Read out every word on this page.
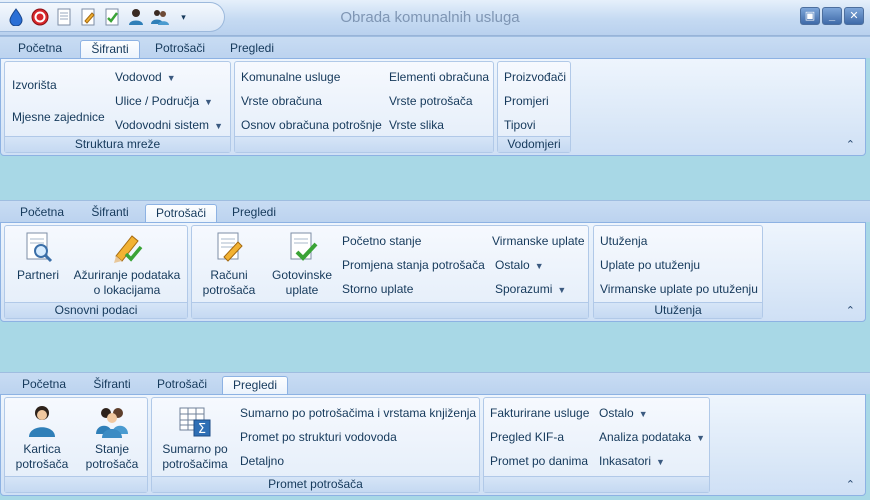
▾	Obrada komunalnih usluga	▣	_	✕
Početna	Šifranti	Potrošači	Pregledi
Izvorišta
Mjesne zajednice
Vodovod ▼
Ulice / Područja ▼
Vodovodni sistem ▼
Struktura mreže
Komunalne usluge
Vrste obračuna
Osnov obračuna potrošnje
Elementi obračuna
Vrste potrošača
Vrste slika
Proizvođači
Promjeri
Tipovi
Vodomjeri	⌃
Početna	Šifranti	Potrošači	Pregledi
Partneri	Ažuriranje podataka
o lokacijama
Osnovni podaci
Računi
potrošača
Gotovinske
uplate
Početno stanje
Promjena stanja potrošača
Storno uplate
Virmanske uplate
Ostalo ▼
Sporazumi ▼
Utuženja
Uplate po utuženju
Virmanske uplate po utuženju
Utuženja	⌃
Početna	Šifranti	Potrošači	Pregledi
Kartica
potrošača
Stanje
potrošača
Σ
Sumarno po
potrošačima
Sumarno po potrošačima i vrstama knjiženja
Promet po strukturi vodovoda
Detaljno
Promet potrošača
Fakturirane usluge
Pregled KIF-a
Promet po danima
Ostalo ▼
Analiza podataka ▼
Inkasatori ▼
⌃
